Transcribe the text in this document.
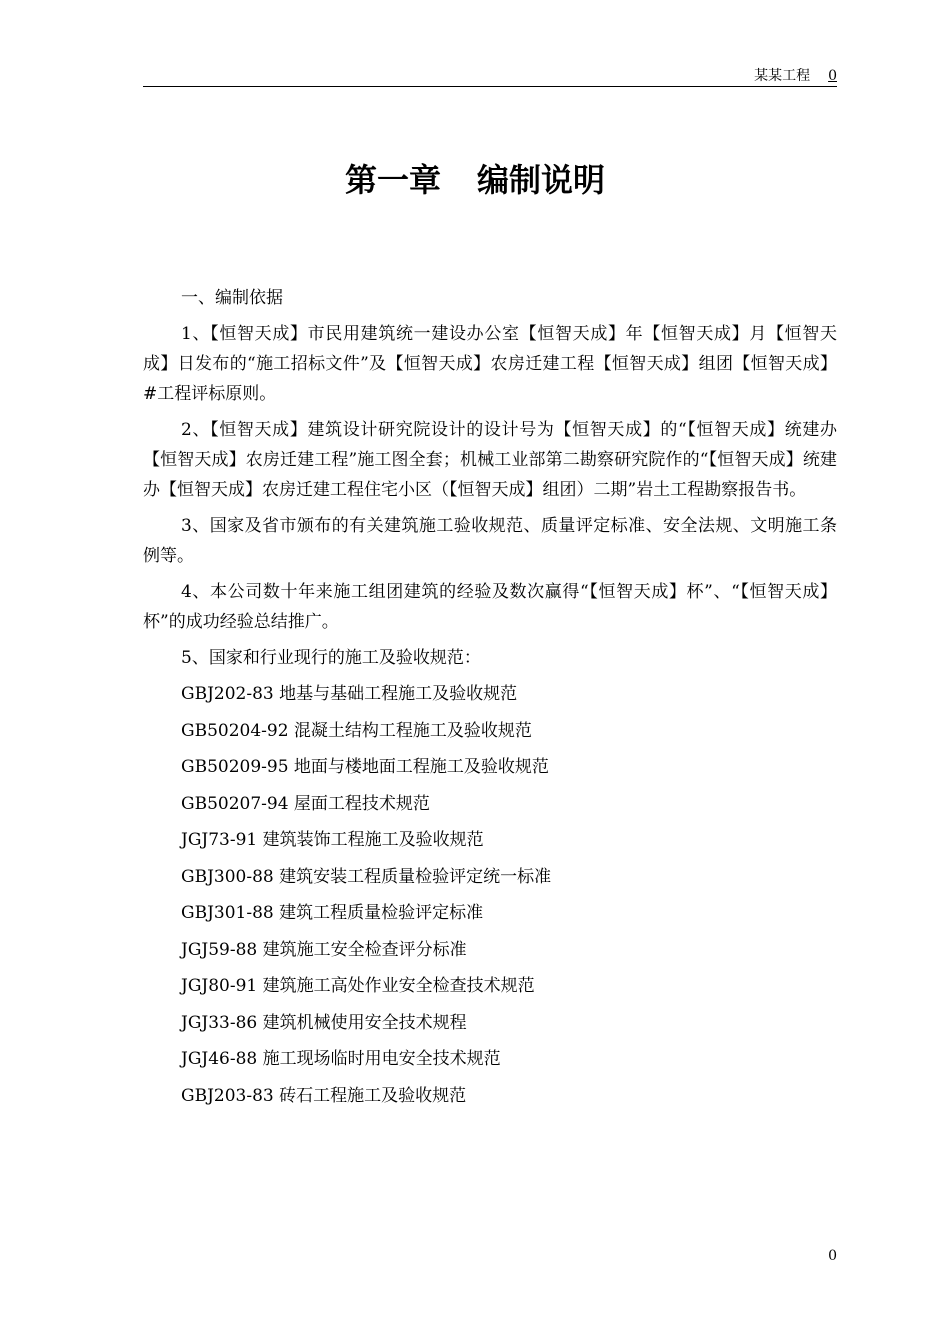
某某工程 0
第一章 编制说明

一、编制依据

1、【恒智天成】市民用建筑统一建设办公室【恒智天成】年【恒智天成】月【恒智天成】日发布的“施工招标文件”及【恒智天成】农房迁建工程【恒智天成】组团【恒智天成】#工程评标原则。

2、【恒智天成】建筑设计研究院设计的设计号为【恒智天成】的“【恒智天成】统建办【恒智天成】农房迁建工程”施工图全套；机械工业部第二勘察研究院作的“【恒智天成】统建办【恒智天成】农房迁建工程住宅小区（【恒智天成】组团）二期”岩土工程勘察报告书。

3、国家及省市颁布的有关建筑施工验收规范、质量评定标准、安全法规、文明施工条例等。

4、本公司数十年来施工组团建筑的经验及数次赢得“【恒智天成】杯”、“【恒智天成】杯”的成功经验总结推广。

5、国家和行业现行的施工及验收规范：

GBJ202-83 地基与基础工程施工及验收规范
GB50204-92 混凝土结构工程施工及验收规范
GB50209-95 地面与楼地面工程施工及验收规范
GB50207-94 屋面工程技术规范
JGJ73-91 建筑装饰工程施工及验收规范
GBJ300-88 建筑安装工程质量检验评定统一标准
GBJ301-88 建筑工程质量检验评定标准
JGJ59-88 建筑施工安全检查评分标准
JGJ80-91 建筑施工高处作业安全检查技术规范
JGJ33-86 建筑机械使用安全技术规程
JGJ46-88 施工现场临时用电安全技术规范
GBJ203-83 砖石工程施工及验收规范
0
